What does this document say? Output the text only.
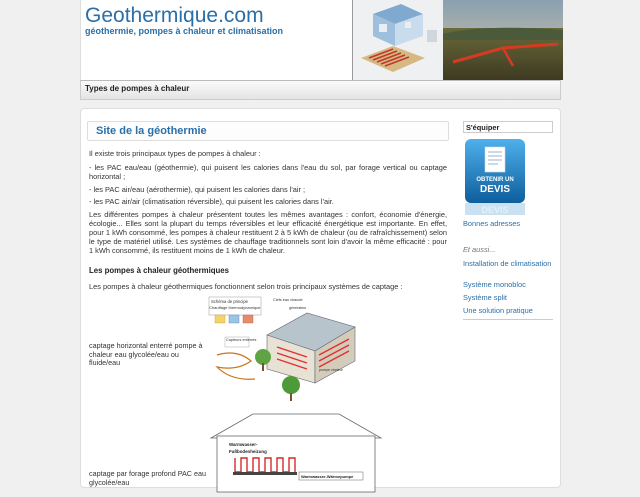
Geothermique.com
géothermie, pompes à chaleur et climatisation
Types de pompes à chaleur
Site de la géothermie
Il existe trois principaux types de pompes à chaleur :
- les PAC eau/eau (géothermie), qui puisent les calories dans l'eau du sol, par forage vertical ou captage horizontal ;
- les PAC air/eau (aérothermie), qui puisent les calories dans l'air ;
- les PAC air/air (climatisation réversible), qui puisent les calories dans l'air.
Les différentes pompes à chaleur présentent toutes les mêmes avantages : confort, économie d'énergie, écologie... Elles sont la plupart du temps réversibles et leur efficacité énergétique est importante. En effet, pour 1 kWh consommé, les pompes à chaleur restituent 2 à 5 kWh de chaleur (ou de rafraîchissement) selon le type de matériel utilisé. Les systèmes de chauffage traditionnels sont loin d'avoir la même efficacité : pour 1 kWh consommé, ils restituent moins de 1 kWh de chaleur.
Les pompes à chaleur géothermiques
Les pompes à chaleur géothermiques fonctionnent selon trois principaux systèmes de captage :
captage horizontal enterré pompe à chaleur eau glycolée/eau ou fluide/eau
Schéma de principe
Chauffage thermodynamique
Clefs eau chaude
générateur
Capteurs enterrés
pompe chaleur
captage par forage profond PAC eau glycolée/eau
Warmwasser-
Fußbodenheizung
Warmwasser-Wärmepumpe
S'équiper
OBTENIR UN
DEVIS
DEVIS
Bonnes adresses
Et aussi...
Installation de climatisation
Système monobloc
Système split
Une solution pratique
